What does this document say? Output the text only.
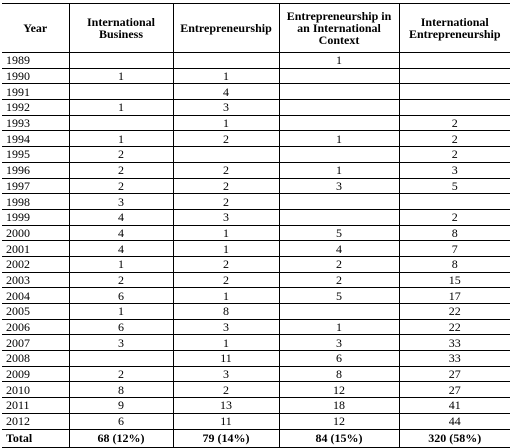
Year	International Business	Entrepreneurship	Entrepreneurship in an International Context	International Entrepreneurship
1989			1	
1990	1	1		
1991		4		
1992	1	3		
1993		1		2
1994	1	2	1	2
1995	2			2
1996	2	2	1	3
1997	2	2	3	5
1998	3	2		
1999	4	3		2
2000	4	1	5	8
2001	4	1	4	7
2002	1	2	2	8
2003	2	2	2	15
2004	6	1	5	17
2005	1	8		22
2006	6	3	1	22
2007	3	1	3	33
2008		11	6	33
2009	2	3	8	27
2010	8	2	12	27
2011	9	13	18	41
2012	6	11	12	44
Total	68 (12%)	79 (14%)	84 (15%)	320 (58%)
